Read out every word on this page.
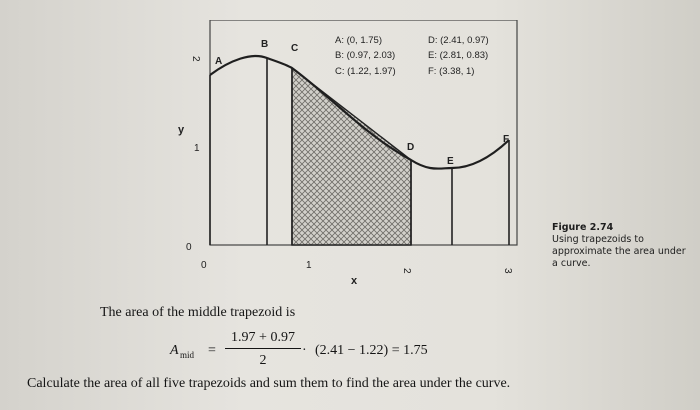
A
B C
D
E
F
A: (0, 1.75)
B: (0.97, 2.03)
C: (1.22, 1.97)
D: (2.41, 0.97)
E: (2.81, 0.83)
F: (3.38, 1)
2
1
0
y
0	1	2	3
x
Figure 2.74
Using trapezoids to approximate the area under a curve.
The area of the middle trapezoid is
A mid =
1.97 + 0.97
2
· (2.41 − 1.22) = 1.75
Calculate the area of all five trapezoids and sum them to find the area under the curve.
